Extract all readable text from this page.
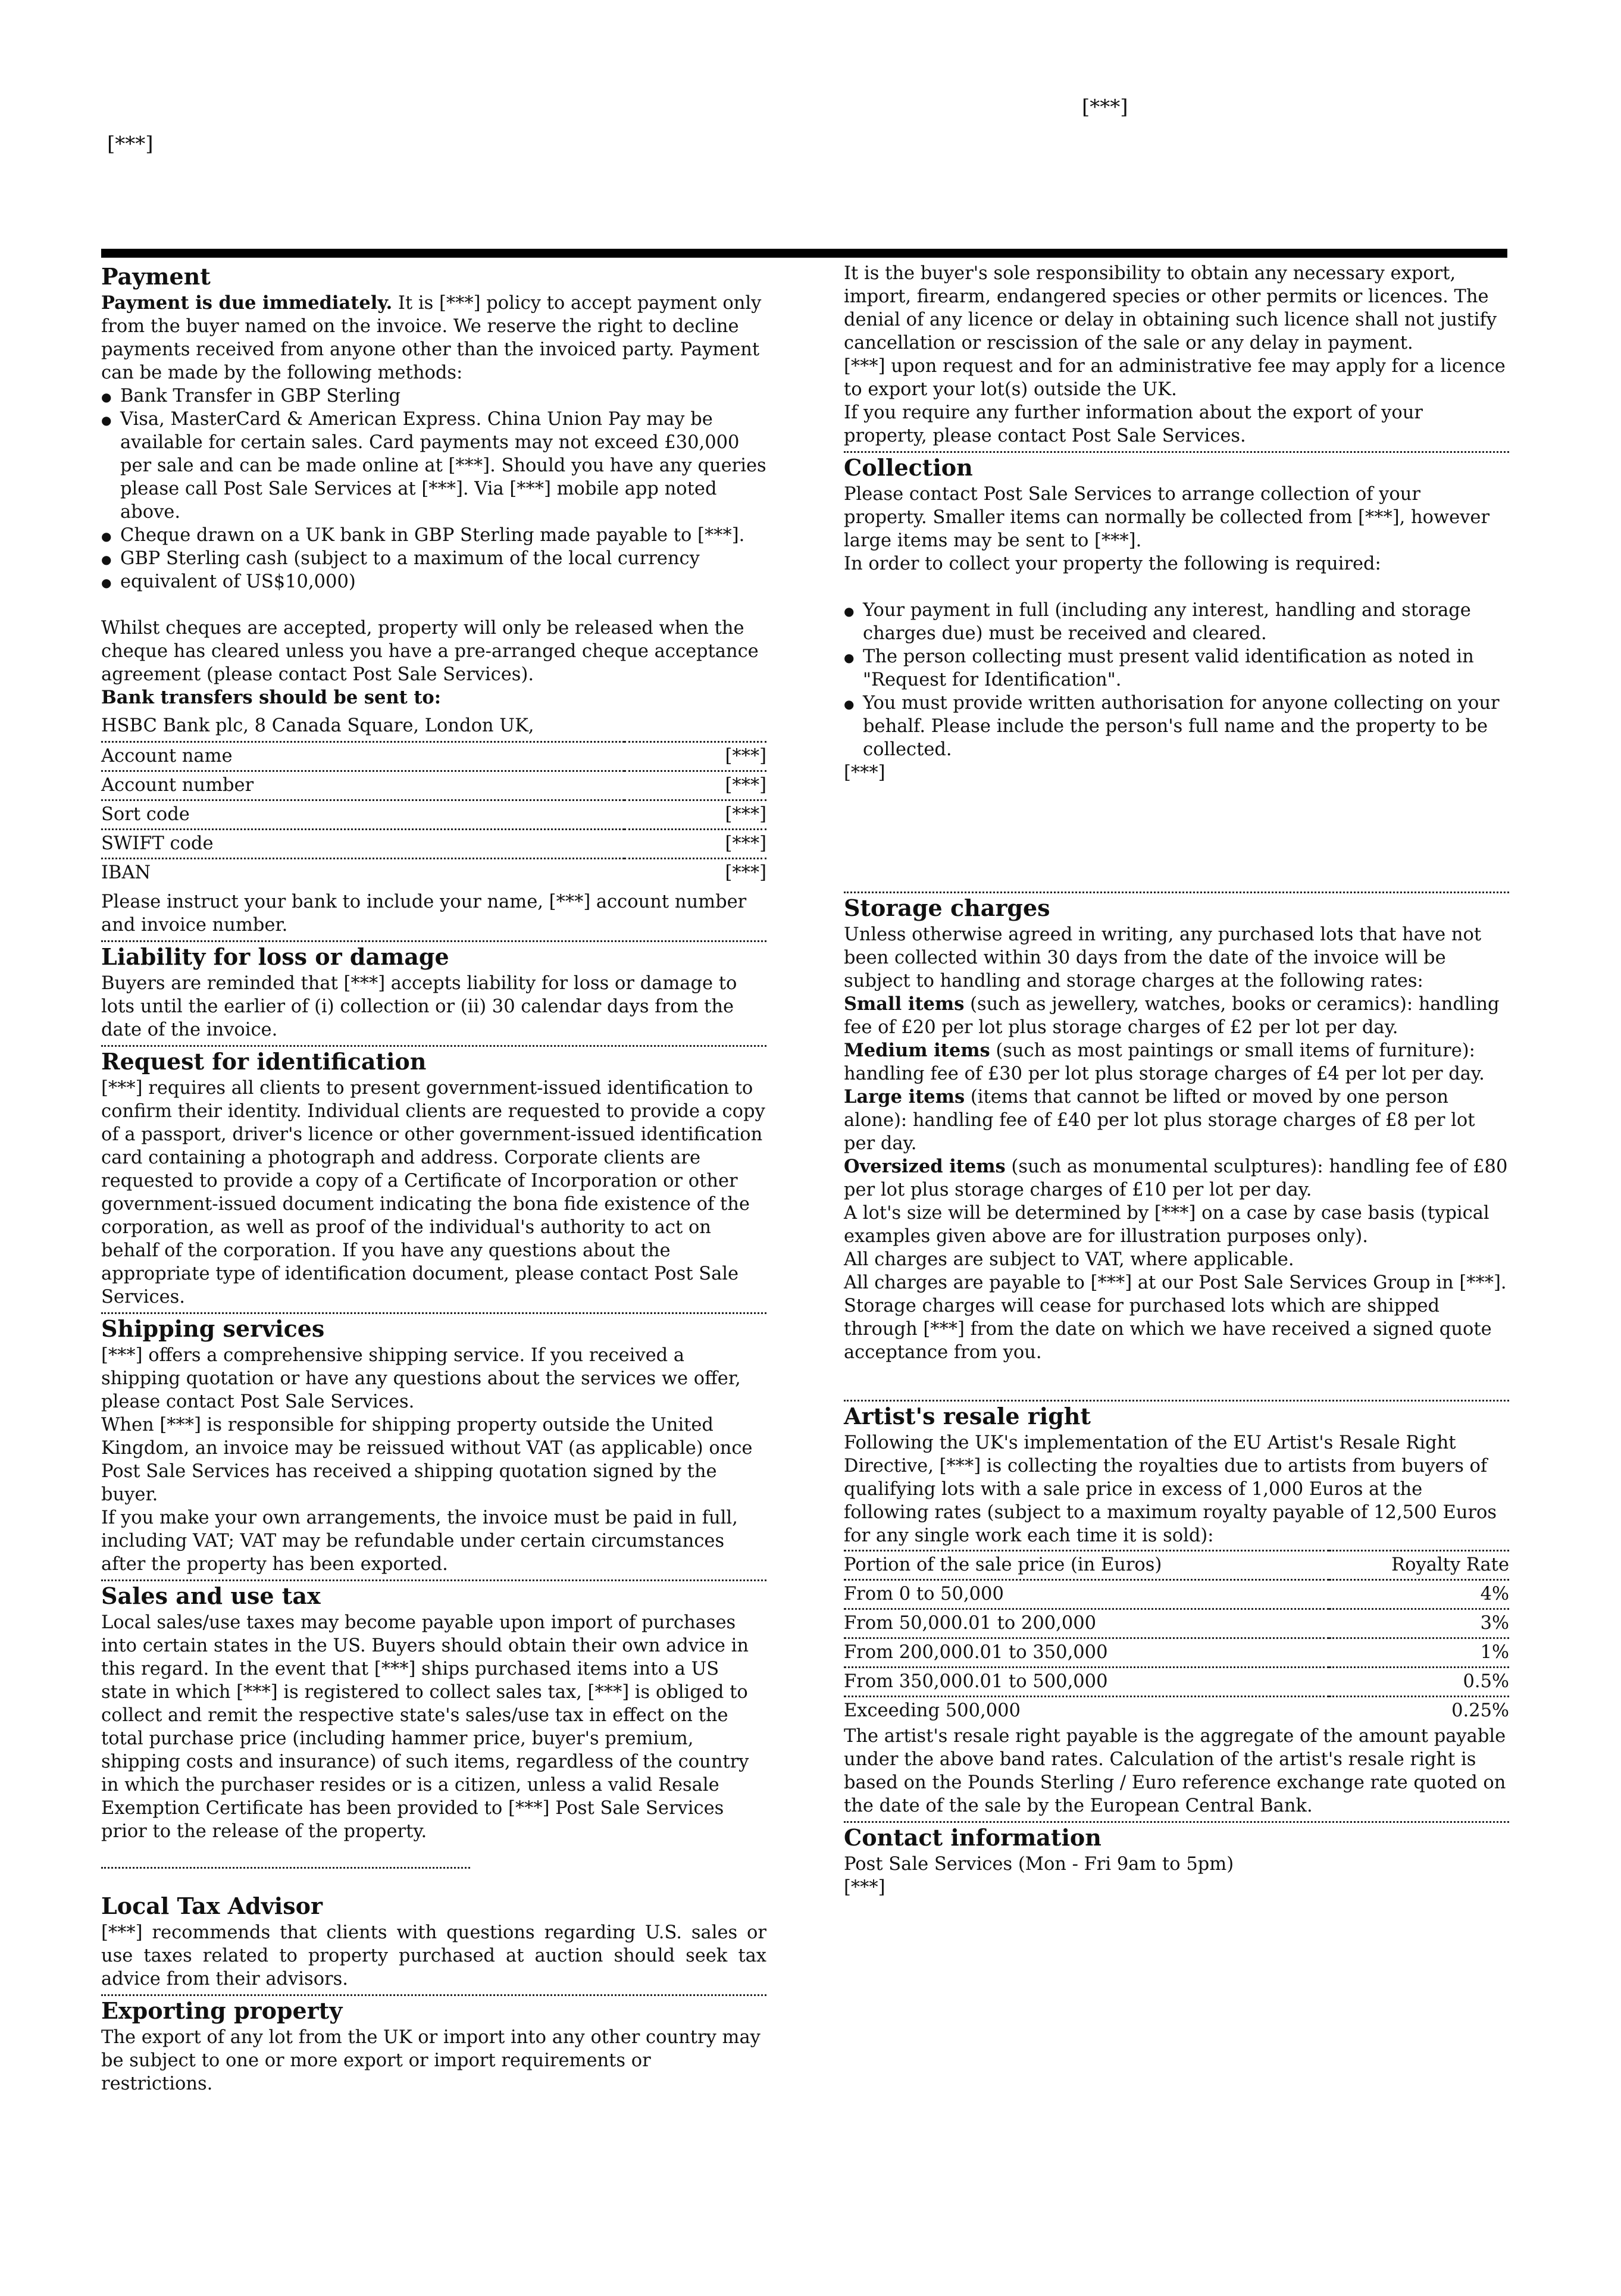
[***]
[***]
Payment

Payment is due immediately. It is [***] policy to accept payment only from the buyer named on the invoice. We reserve the right to decline payments received from anyone other than the invoiced party. Payment can be made by the following methods:

● Bank Transfer in GBP Sterling
● Visa, MasterCard & American Express. China Union Pay may be available for certain sales. Card payments may not exceed £30,000 per sale and can be made online at [***]. Should you have any queries please call Post Sale Services at [***]. Via [***] mobile app noted above.
● Cheque drawn on a UK bank in GBP Sterling made payable to [***].
● GBP Sterling cash (subject to a maximum of the local currency
● equivalent of US$10,000)

Whilst cheques are accepted, property will only be released when the cheque has cleared unless you have a pre-arranged cheque acceptance agreement (please contact Post Sale Services).

Bank transfers should be sent to:

HSBC Bank plc, 8 Canada Square, London UK,

Account name	[***]
Account number	[***]
Sort code	[***]
SWIFT code	[***]
IBAN	[***]

Please instruct your bank to include your name, [***] account number and invoice number.

Liability for loss or damage

Buyers are reminded that [***] accepts liability for loss or damage to lots until the earlier of (i) collection or (ii) 30 calendar days from the date of the invoice.

Request for identification

[***] requires all clients to present government-issued identification to confirm their identity. Individual clients are requested to provide a copy of a passport, driver's licence or other government-issued identification card containing a photograph and address. Corporate clients are requested to provide a copy of a Certificate of Incorporation or other government-issued document indicating the bona fide existence of the corporation, as well as proof of the individual's authority to act on behalf of the corporation. If you have any questions about the appropriate type of identification document, please contact Post Sale Services.

Shipping services

[***] offers a comprehensive shipping service. If you received a shipping quotation or have any questions about the services we offer, please contact Post Sale Services.

When [***] is responsible for shipping property outside the United Kingdom, an invoice may be reissued without VAT (as applicable) once Post Sale Services has received a shipping quotation signed by the buyer.

If you make your own arrangements, the invoice must be paid in full, including VAT; VAT may be refundable under certain circumstances after the property has been exported.

Sales and use tax

Local sales/use taxes may become payable upon import of purchases into certain states in the US. Buyers should obtain their own advice in this regard. In the event that [***] ships purchased items into a US state in which [***] is registered to collect sales tax, [***] is obliged to collect and remit the respective state's sales/use tax in effect on the total purchase price (including hammer price, buyer's premium, shipping costs and insurance) of such items, regardless of the country in which the purchaser resides or is a citizen, unless a valid Resale Exemption Certificate has been provided to [***] Post Sale Services prior to the release of the property.

Local Tax Advisor

[***] recommends that clients with questions regarding U.S. sales or use taxes related to property purchased at auction should seek tax advice from their advisors.

Exporting property

The export of any lot from the UK or import into any other country may be subject to one or more export or import requirements or restrictions.

It is the buyer's sole responsibility to obtain any necessary export, import, firearm, endangered species or other permits or licences. The denial of any licence or delay in obtaining such licence shall not justify cancellation or rescission of the sale or any delay in payment.

[***] upon request and for an administrative fee may apply for a licence to export your lot(s) outside the UK.

If you require any further information about the export of your property, please contact Post Sale Services.

Collection

Please contact Post Sale Services to arrange collection of your property. Smaller items can normally be collected from [***], however large items may be sent to [***].

In order to collect your property the following is required:

● Your payment in full (including any interest, handling and storage charges due) must be received and cleared.
● The person collecting must present valid identification as noted in "Request for Identification".
● You must provide written authorisation for anyone collecting on your behalf. Please include the person's full name and the property to be collected.

[***]

Storage charges

Unless otherwise agreed in writing, any purchased lots that have not been collected within 30 days from the date of the invoice will be subject to handling and storage charges at the following rates:

Small items (such as jewellery, watches, books or ceramics): handling fee of £20 per lot plus storage charges of £2 per lot per day.

Medium items (such as most paintings or small items of furniture): handling fee of £30 per lot plus storage charges of £4 per lot per day.

Large items (items that cannot be lifted or moved by one person alone): handling fee of £40 per lot plus storage charges of £8 per lot per day.

Oversized items (such as monumental sculptures): handling fee of £80 per lot plus storage charges of £10 per lot per day.

A lot's size will be determined by [***] on a case by case basis (typical examples given above are for illustration purposes only).

All charges are subject to VAT, where applicable.

All charges are payable to [***] at our Post Sale Services Group in [***].

Storage charges will cease for purchased lots which are shipped through [***] from the date on which we have received a signed quote acceptance from you.

Artist's resale right

Following the UK's implementation of the EU Artist's Resale Right Directive, [***] is collecting the royalties due to artists from buyers of qualifying lots with a sale price in excess of 1,000 Euros at the following rates (subject to a maximum royalty payable of 12,500 Euros for any single work each time it is sold):

Portion of the sale price (in Euros)	Royalty Rate
From 0 to 50,000	4%
From 50,000.01 to 200,000	3%
From 200,000.01 to 350,000	1%
From 350,000.01 to 500,000	0.5%
Exceeding 500,000	0.25%

The artist's resale right payable is the aggregate of the amount payable under the above band rates. Calculation of the artist's resale right is based on the Pounds Sterling / Euro reference exchange rate quoted on the date of the sale by the European Central Bank.

Contact information

Post Sale Services (Mon - Fri 9am to 5pm)

[***]
